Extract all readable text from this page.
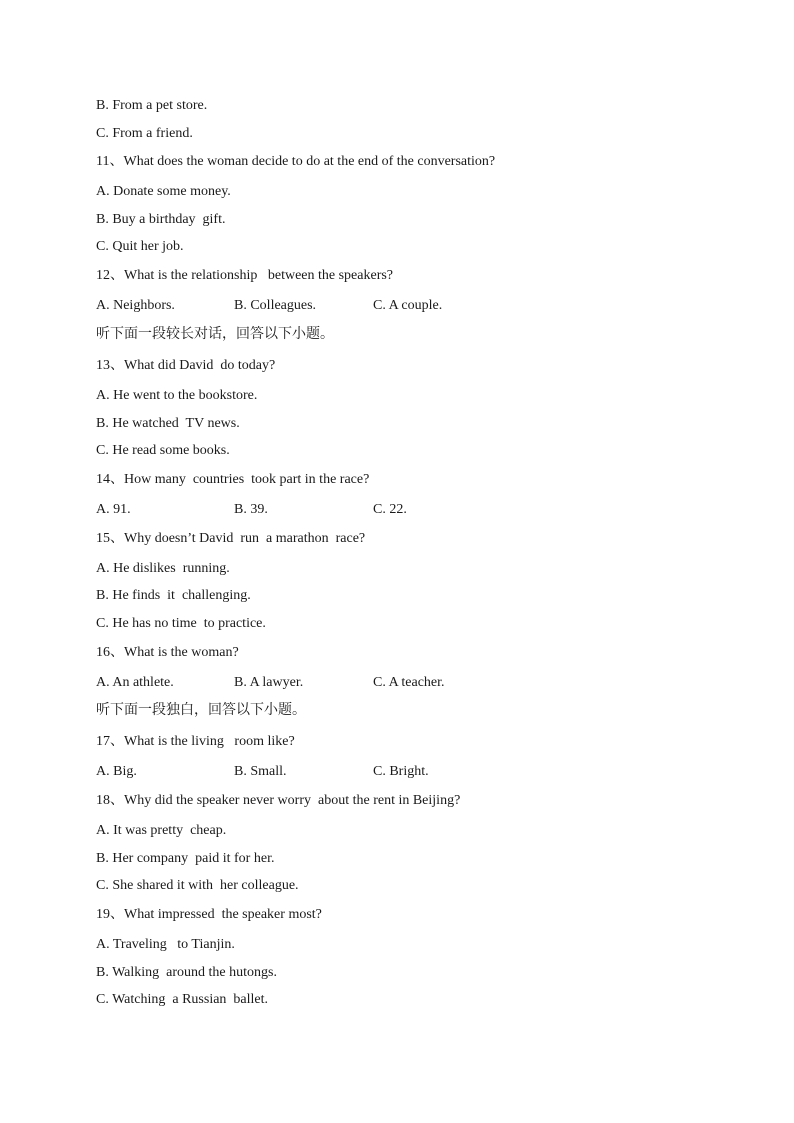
B. From a pet store.
C. From a friend.
11、What does the woman decide to do at the end of the conversation?
A. Donate some money.
B. Buy a birthday  gift.
C. Quit her job.
12、What is the relationship   between the speakers?
A. Neighbors.	B. Colleagues.	C. A couple.
听下面一段较长对话，回答以下小题。
13、What did David  do today?
A. He went to the bookstore.
B. He watched  TV news.
C. He read some books.
14、How many  countries  took part in the race?
A. 91.	B. 39.	C. 22.
15、Why doesn’t David  run  a marathon  race?
A. He dislikes  running.
B. He finds  it  challenging.
C. He has no time  to practice.
16、What is the woman?
A. An athlete.	B. A lawyer.	C. A teacher.
听下面一段独白，回答以下小题。
17、What is the living   room like?
A. Big.	B. Small.	C. Bright.
18、Why did the speaker never worry  about the rent in Beijing?
A. It was pretty  cheap.
B. Her company  paid it for her.
C. She shared it with  her colleague.
19、What impressed  the speaker most?
A. Traveling   to Tianjin.
B. Walking  around the hutongs.
C. Watching  a Russian  ballet.
